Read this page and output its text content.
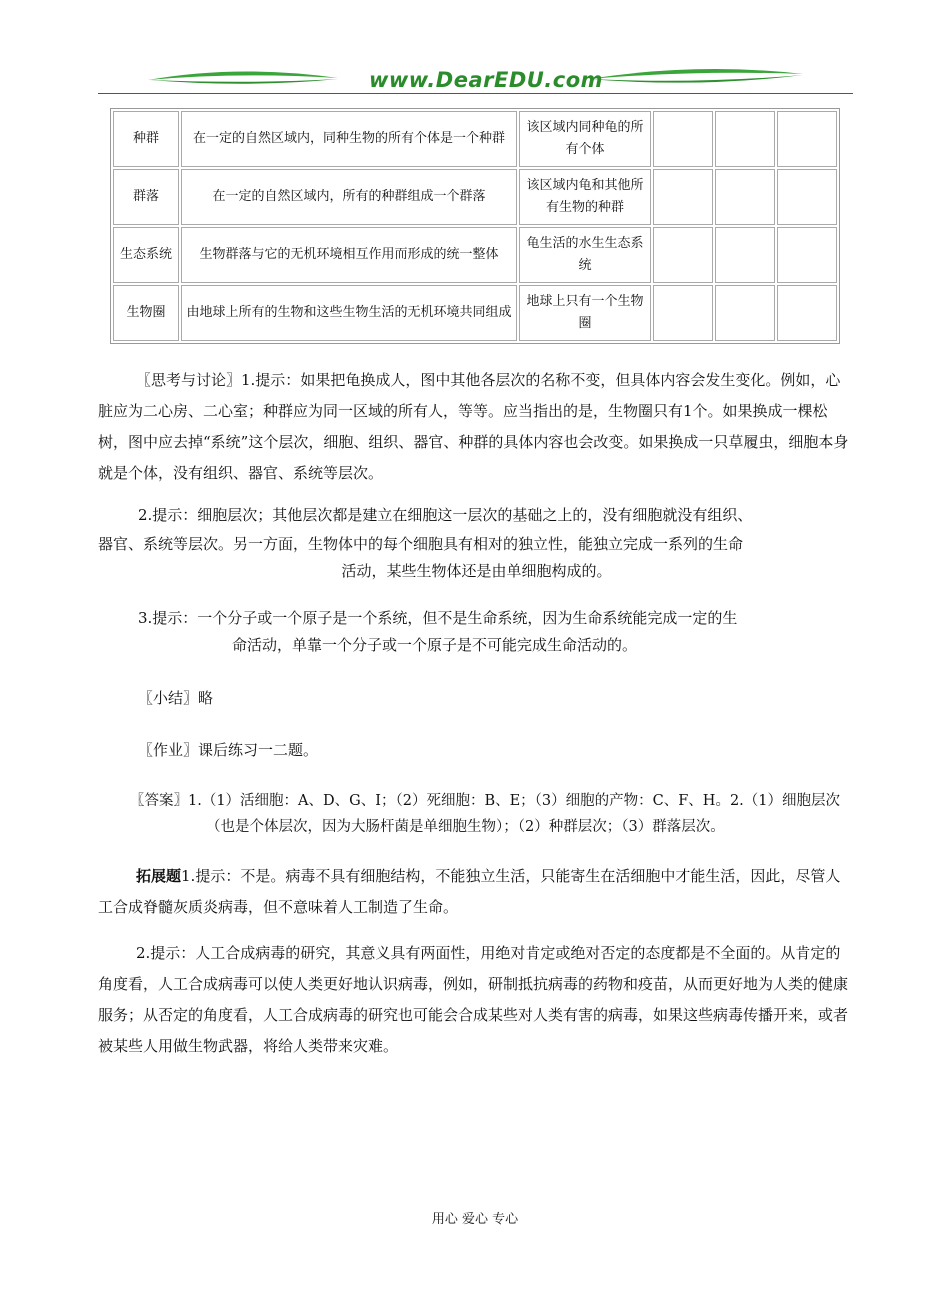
www.DearEDU.com
种群	在一定的自然区域内，同种生物的所有个体是一个种群	该区域内同种龟的所有个体			
群落	在一定的自然区域内，所有的种群组成一个群落	该区域内龟和其他所有生物的种群			
生态系统	生物群落与它的无机环境相互作用而形成的统一整体	龟生活的水生生态系统			
生物圈	由地球上所有的生物和这些生物生活的无机环境共同组成	地球上只有一个生物圈			

〖思考与讨论〗1.提示：如果把龟换成人，图中其他各层次的名称不变，但具体内容会发生变化。例如，心脏应为二心房、二心室；种群应为同一区域的所有人，等等。应当指出的是，生物圈只有1个。如果换成一棵松树，图中应去掉“系统”这个层次，细胞、组织、器官、种群的具体内容也会改变。如果换成一只草履虫，细胞本身就是个体，没有组织、器官、系统等层次。

2.提示：细胞层次；其他层次都是建立在细胞这一层次的基础之上的，没有细胞就没有组织、

器官、系统等层次。另一方面，生物体中的每个细胞具有相对的独立性，能独立完成一系列的生命

活动，某些生物体还是由单细胞构成的。

3.提示：一个分子或一个原子是一个系统，但不是生命系统，因为生命系统能完成一定的生

命活动，单靠一个分子或一个原子是不可能完成生命活动的。

〖小结〗略

〖作业〗课后练习一二题。

〖答案〗1.（1）活细胞：A、D、G、I；（2）死细胞：B、E；（3）细胞的产物：C、F、H。2.（1）细胞层次

（也是个体层次，因为大肠杆菌是单细胞生物）；（2）种群层次；（3）群落层次。

拓展题1.提示：不是。病毒不具有细胞结构，不能独立生活，只能寄生在活细胞中才能生活，因此，尽管人工合成脊髓灰质炎病毒，但不意味着人工制造了生命。

2.提示：人工合成病毒的研究，其意义具有两面性，用绝对肯定或绝对否定的态度都是不全面的。从肯定的角度看，人工合成病毒可以使人类更好地认识病毒，例如，研制抵抗病毒的药物和疫苗，从而更好地为人类的健康服务；从否定的角度看，人工合成病毒的研究也可能会合成某些对人类有害的病毒，如果这些病毒传播开来，或者被某些人用做生物武器，将给人类带来灾难。

用心 爱心 专心
